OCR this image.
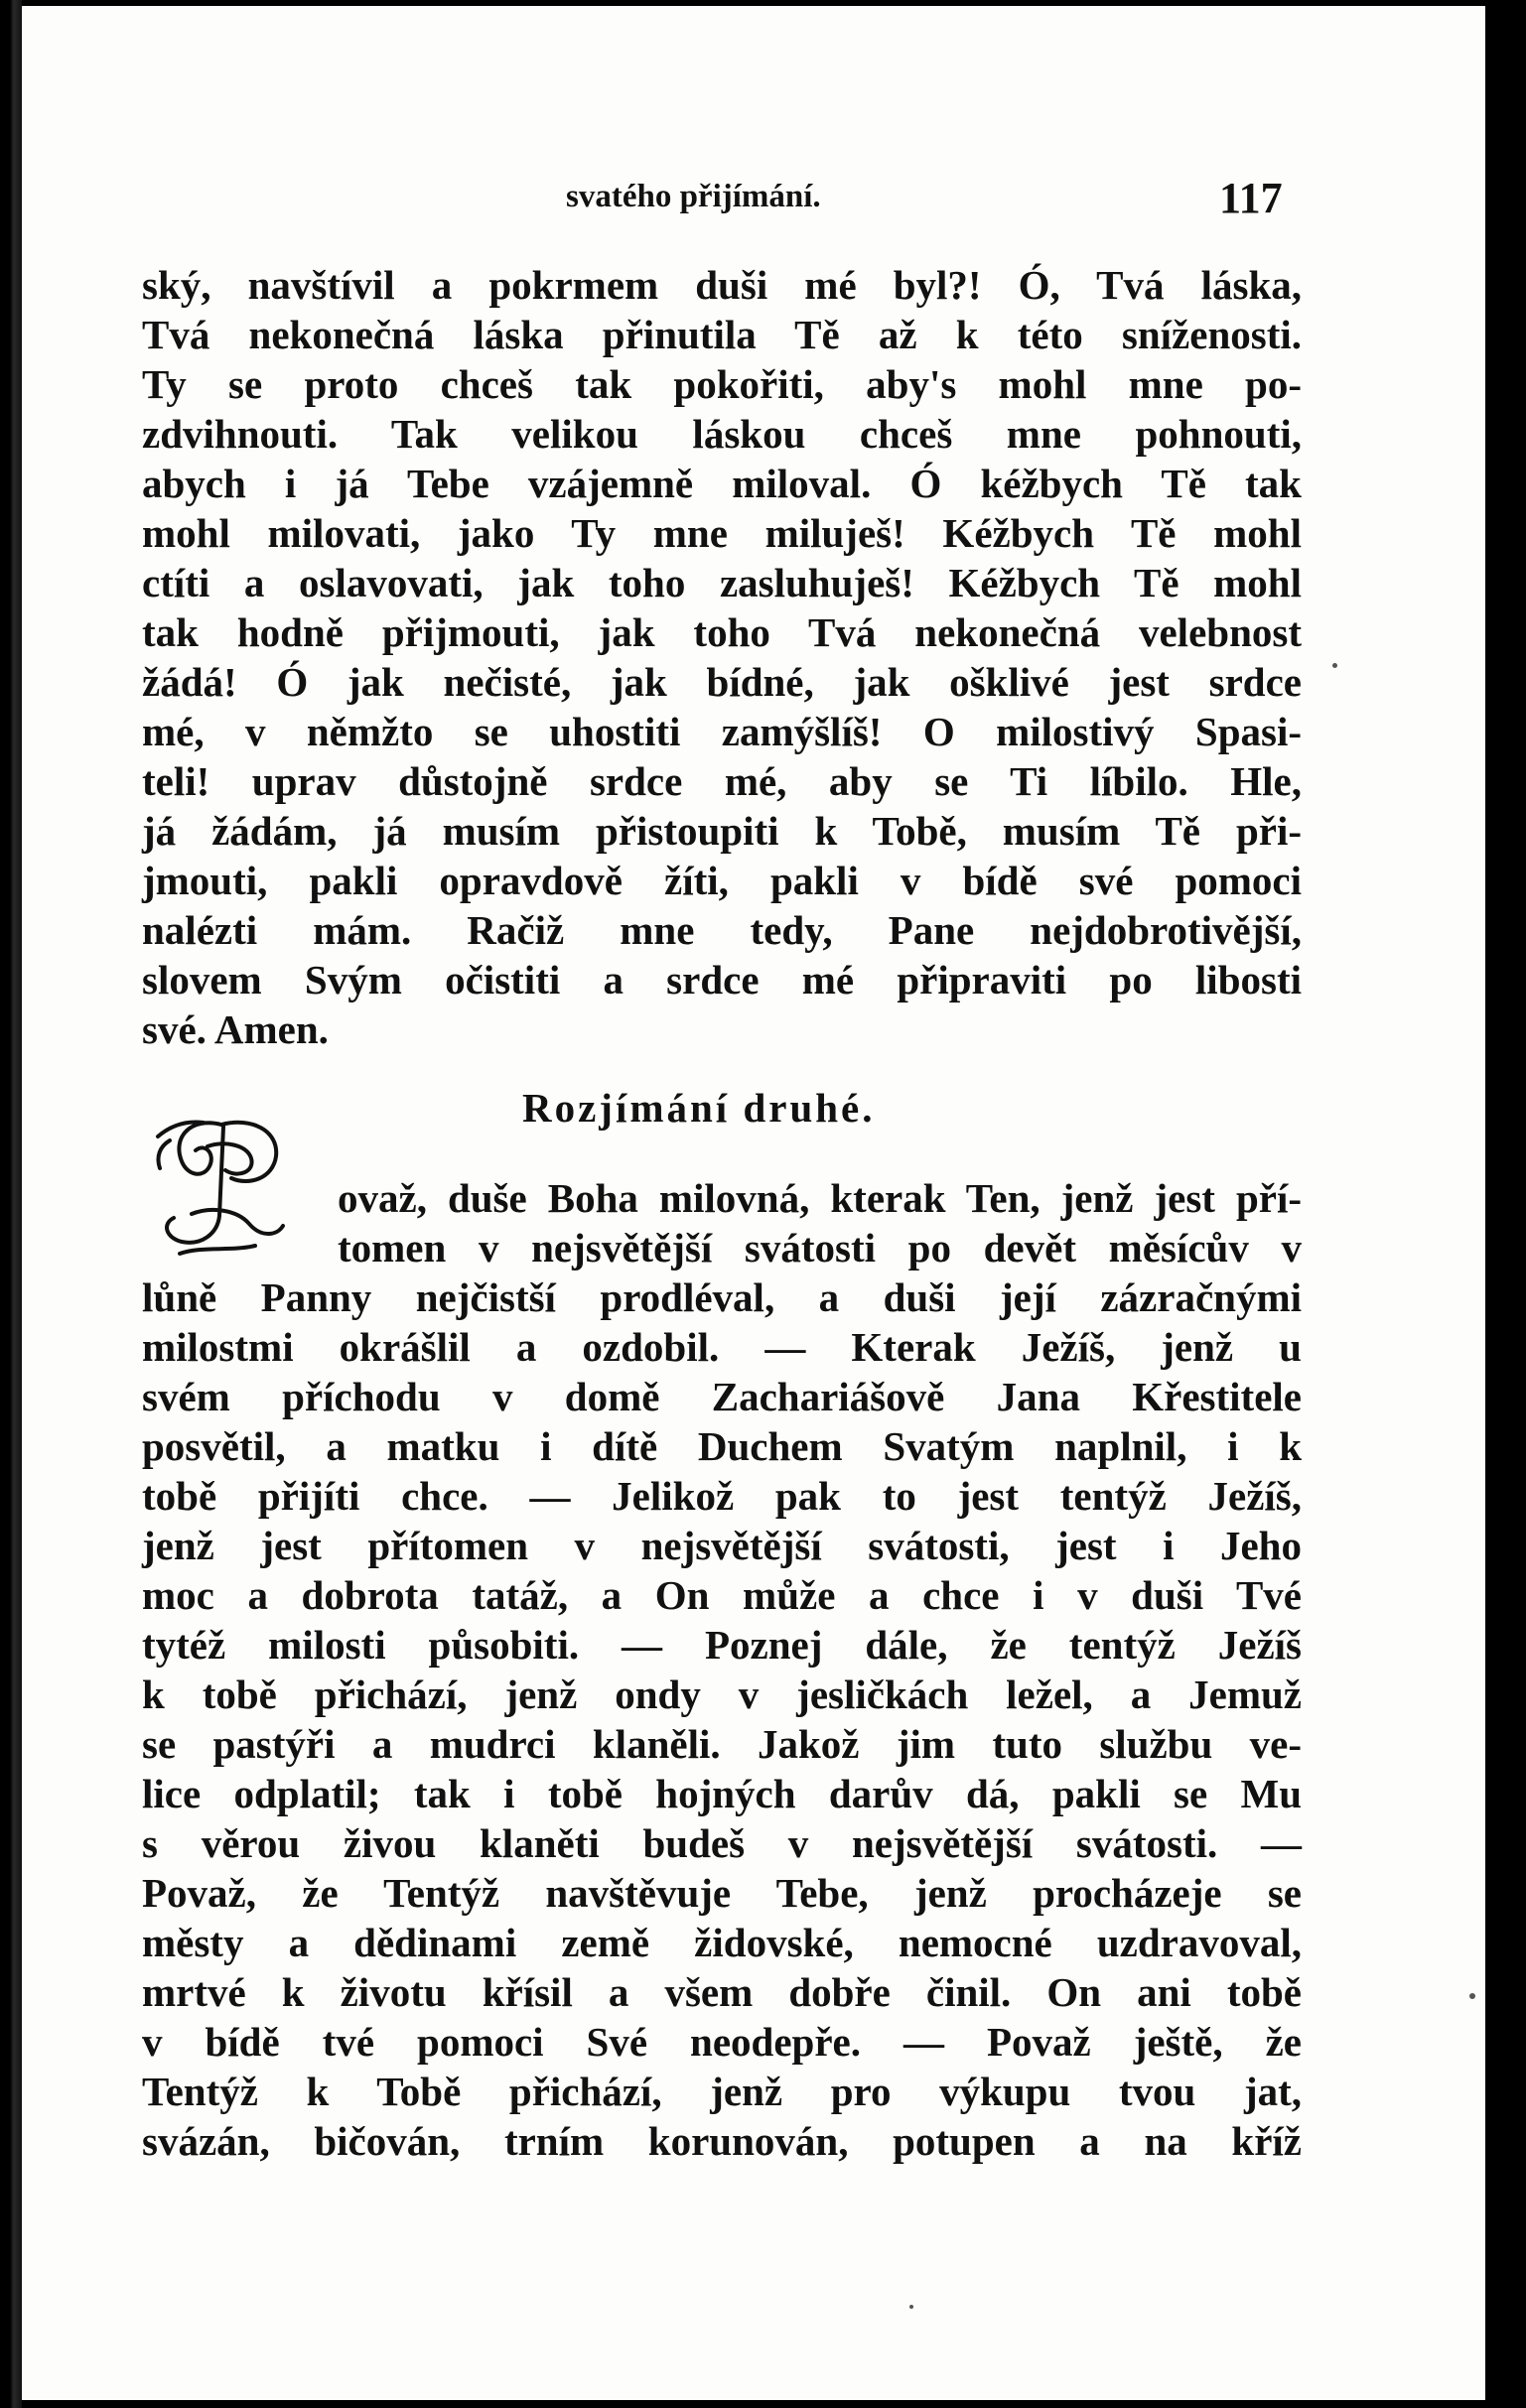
svatého přijímání.	117

ský, navštívil a pokrmem duši mé byl?! Ó, Tvá láska,

Tvá nekonečná láska přinutila Tě až k této sníženosti.

Ty se proto chceš tak pokořiti, aby's mohl mne po-

zdvihnouti. Tak velikou láskou chceš mne pohnouti,

abych i já Tebe vzájemně miloval. Ó kéžbych Tě tak

mohl milovati, jako Ty mne miluješ! Kéžbych Tě mohl

ctíti a oslavovati, jak toho zasluhuješ! Kéžbych Tě mohl

tak hodně přijmouti, jak toho Tvá nekonečná velebnost

žádá! Ó jak nečisté, jak bídné, jak ošklivé jest srdce

mé, v němžto se uhostiti zamýšlíš! O milostivý Spasi-

teli! uprav důstojně srdce mé, aby se Ti líbilo. Hle,

já žádám, já musím přistoupiti k Tobě, musím Tě při-

jmouti, pakli opravdově žíti, pakli v bídě své pomoci

nalézti mám. Račiž mne tedy, Pane nejdobrotivější,

slovem Svým očistiti a srdce mé připraviti po libosti

své. Amen.

Rozjímání druhé.

ovaž, duše Boha milovná, kterak Ten, jenž jest pří-

tomen v nejsvětější svátosti po devět měsícův v

lůně Panny nejčistší prodléval, a duši její zázračnými

milostmi okrášlil a ozdobil. — Kterak Ježíš, jenž u

svém příchodu v domě Zachariášově Jana Křestitele

posvětil, a matku i dítě Duchem Svatým naplnil, i k

tobě přijíti chce. — Jelikož pak to jest tentýž Ježíš,

jenž jest přítomen v nejsvětější svátosti, jest i Jeho

moc a dobrota tatáž, a On může a chce i v duši Tvé

tytéž milosti působiti. — Poznej dále, že tentýž Ježíš

k tobě přichází, jenž ondy v jesličkách ležel, a Jemuž

se pastýři a mudrci klaněli. Jakož jim tuto službu ve-

lice odplatil; tak i tobě hojných darův dá, pakli se Mu

s věrou živou klaněti budeš v nejsvětější svátosti. —

Považ, že Tentýž navštěvuje Tebe, jenž procházeje se

městy a dědinami země židovské, nemocné uzdravoval,

mrtvé k životu křísil a všem dobře činil. On ani tobě

v bídě tvé pomoci Své neodepře. — Považ ještě, že

Tentýž k Tobě přichází, jenž pro výkupu tvou jat,

svázán, bičován, trním korunován, potupen a na kříž
